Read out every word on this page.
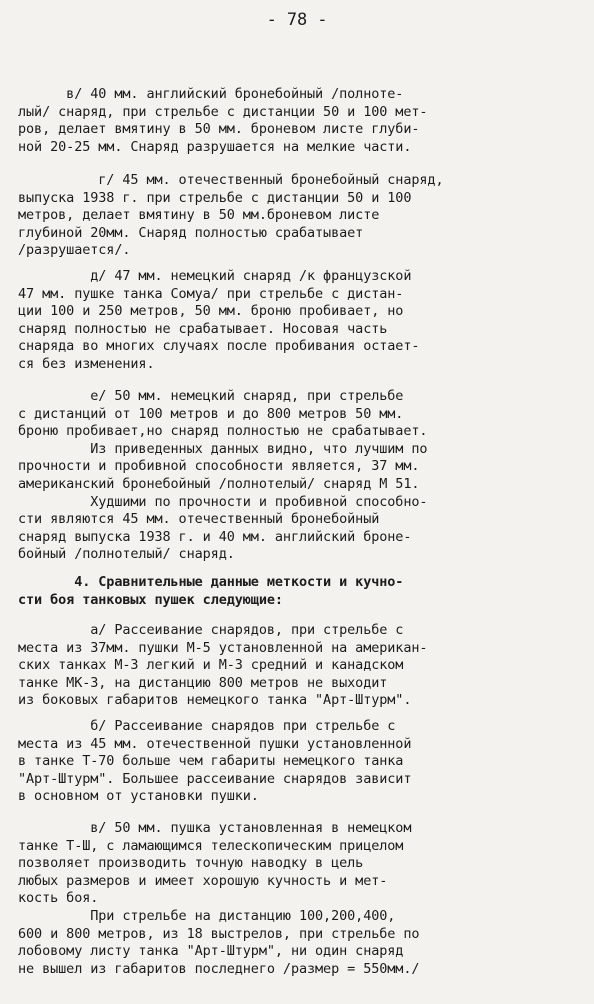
- 78 -
в/ 40 мм. английский бронебойный /полноте-
лый/ снаряд, при стрельбе с дистанции 50 и 100 мет-
ров, делает вмятину в 50 мм. броневом листе глуби-
ной 20-25 мм. Снаряд разрушается на мелкие части.
г/ 45 мм. отечественный бронебойный снаряд,
выпуска 1938 г. при стрельбе с дистанции 50 и 100
метров, делает вмятину в 50 мм.броневом листе
глубиной 20мм. Снаряд полностью срабатывает
/разрушается/.
д/ 47 мм. немецкий снаряд /к французской
47 мм. пушке танка Сомуа/ при стрельбе с дистан-
ции 100 и 250 метров, 50 мм. броню пробивает, но
снаряд полностью не срабатывает. Носовая часть
снаряда во многих случаях после пробивания остает-
ся без изменения.
е/ 50 мм. немецкий снаряд, при стрельбе
с дистанций от 100 метров и до 800 метров 50 мм.
броню пробивает,но снаряд полностью не срабатывает.
Из приведенных данных видно, что лучшим по
прочности и пробивной способности является, 37 мм.
американский бронебойный /полнотелый/ снаряд М 51.
Худшими по прочности и пробивной способно-
сти являются 45 мм. отечественный бронебойный
снаряд выпуска 1938 г. и 40 мм. английский броне-
бойный /полнотелый/ снаряд.
4. Сравнительные данные меткости и кучно-
сти боя танковых пушек следующие:
а/ Рассеивание снарядов, при стрельбе с
места из 37мм. пушки М-5 установленной на американ-
ских танках М-3 легкий и М-3 средний и канадском
танке МК-3, на дистанцию 800 метров не выходит
из боковых габаритов немецкого танка "Арт-Штурм".
б/ Рассеивание снарядов при стрельбе с
места из 45 мм. отечественной пушки установленной
в танке Т-70 больше чем габариты немецкого танка
"Арт-Штурм". Большее рассеивание снарядов зависит
в основном от установки пушки.
в/ 50 мм. пушка установленная в немецком
танке Т-Ш, с ламающимся телескопическим прицелом
позволяет производить точную наводку в цель
любых размеров и имеет хорошую кучность и мет-
кость боя.
При стрельбе на дистанцию 100,200,400,
600 и 800 метров, из 18 выстрелов, при стрельбе по
лобовому листу танка "Арт-Штурм", ни один снаряд
не вышел из габаритов последнего /размер = 550мм./
